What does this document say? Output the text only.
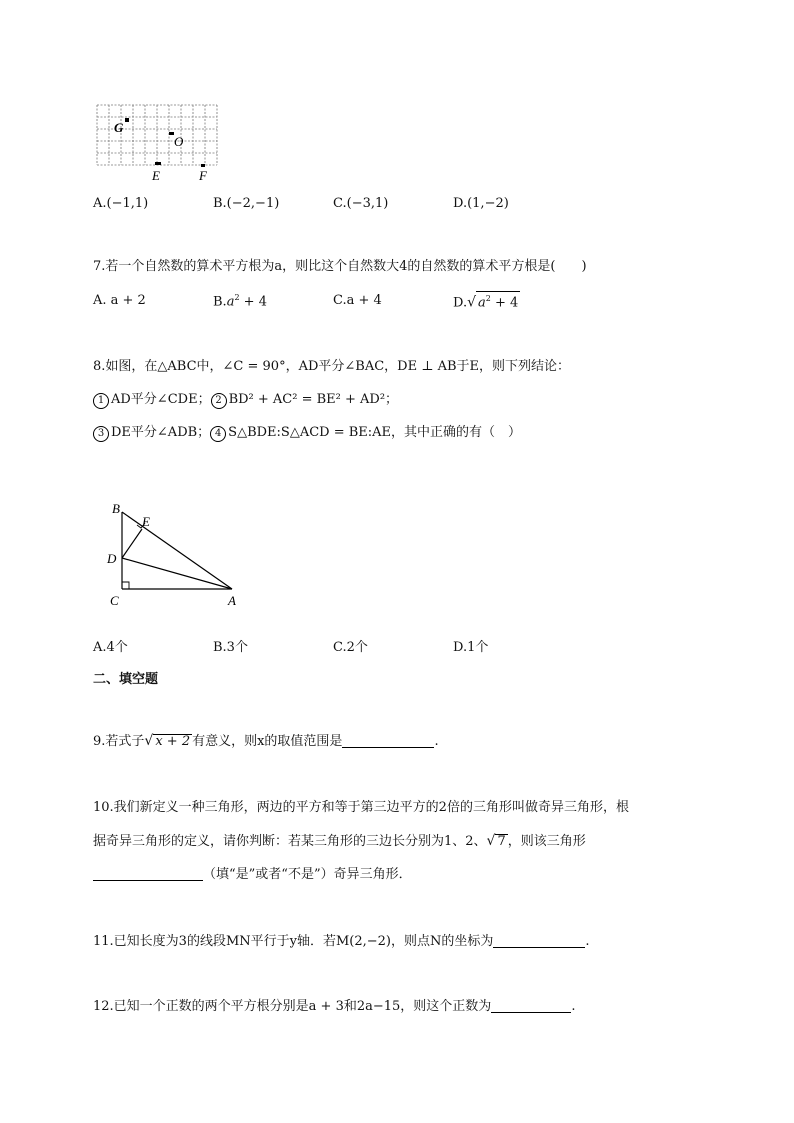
G
O
E	F
A.(−1,1)	B.(−2,−1)	C.(−3,1)	D.(1,−2)
7.若一个自然数的算术平方根为a，则比这个自然数大4的自然数的算术平方根是(　　)
A. a + 2	$B.a^2 + 4$	C.a + 4	D.√ $a^2 + 4$
8.如图，在△ABC中，∠C = 90°，AD平分∠BAC，DE ⊥ AB于E，则下列结论：
1 AD平分∠CDE； 2 BD² + AC² = BE² + AD²；
3 DE平分∠ADB； 4 S△BDE:S△ACD = BE:AE，其中正确的有（　）
B
E
D
C	A
A.4个	B.3个	C.2个	D.1个
二、填空题
9.若式子√ x + 2 有意义，则x的取值范围是	.
10.我们新定义一种三角形，两边的平方和等于第三边平方的2倍的三角形叫做奇异三角形，根
据奇异三角形的定义，请你判断：若某三角形的三边长分别为1、2、√ 7 ，则该三角形
（填“是”或者“不是”）奇异三角形．
11.已知长度为3的线段MN平行于y轴．若M(2,−2)，则点N的坐标为	.
12.已知一个正数的两个平方根分别是a + 3和2a−15，则这个正数为	.
